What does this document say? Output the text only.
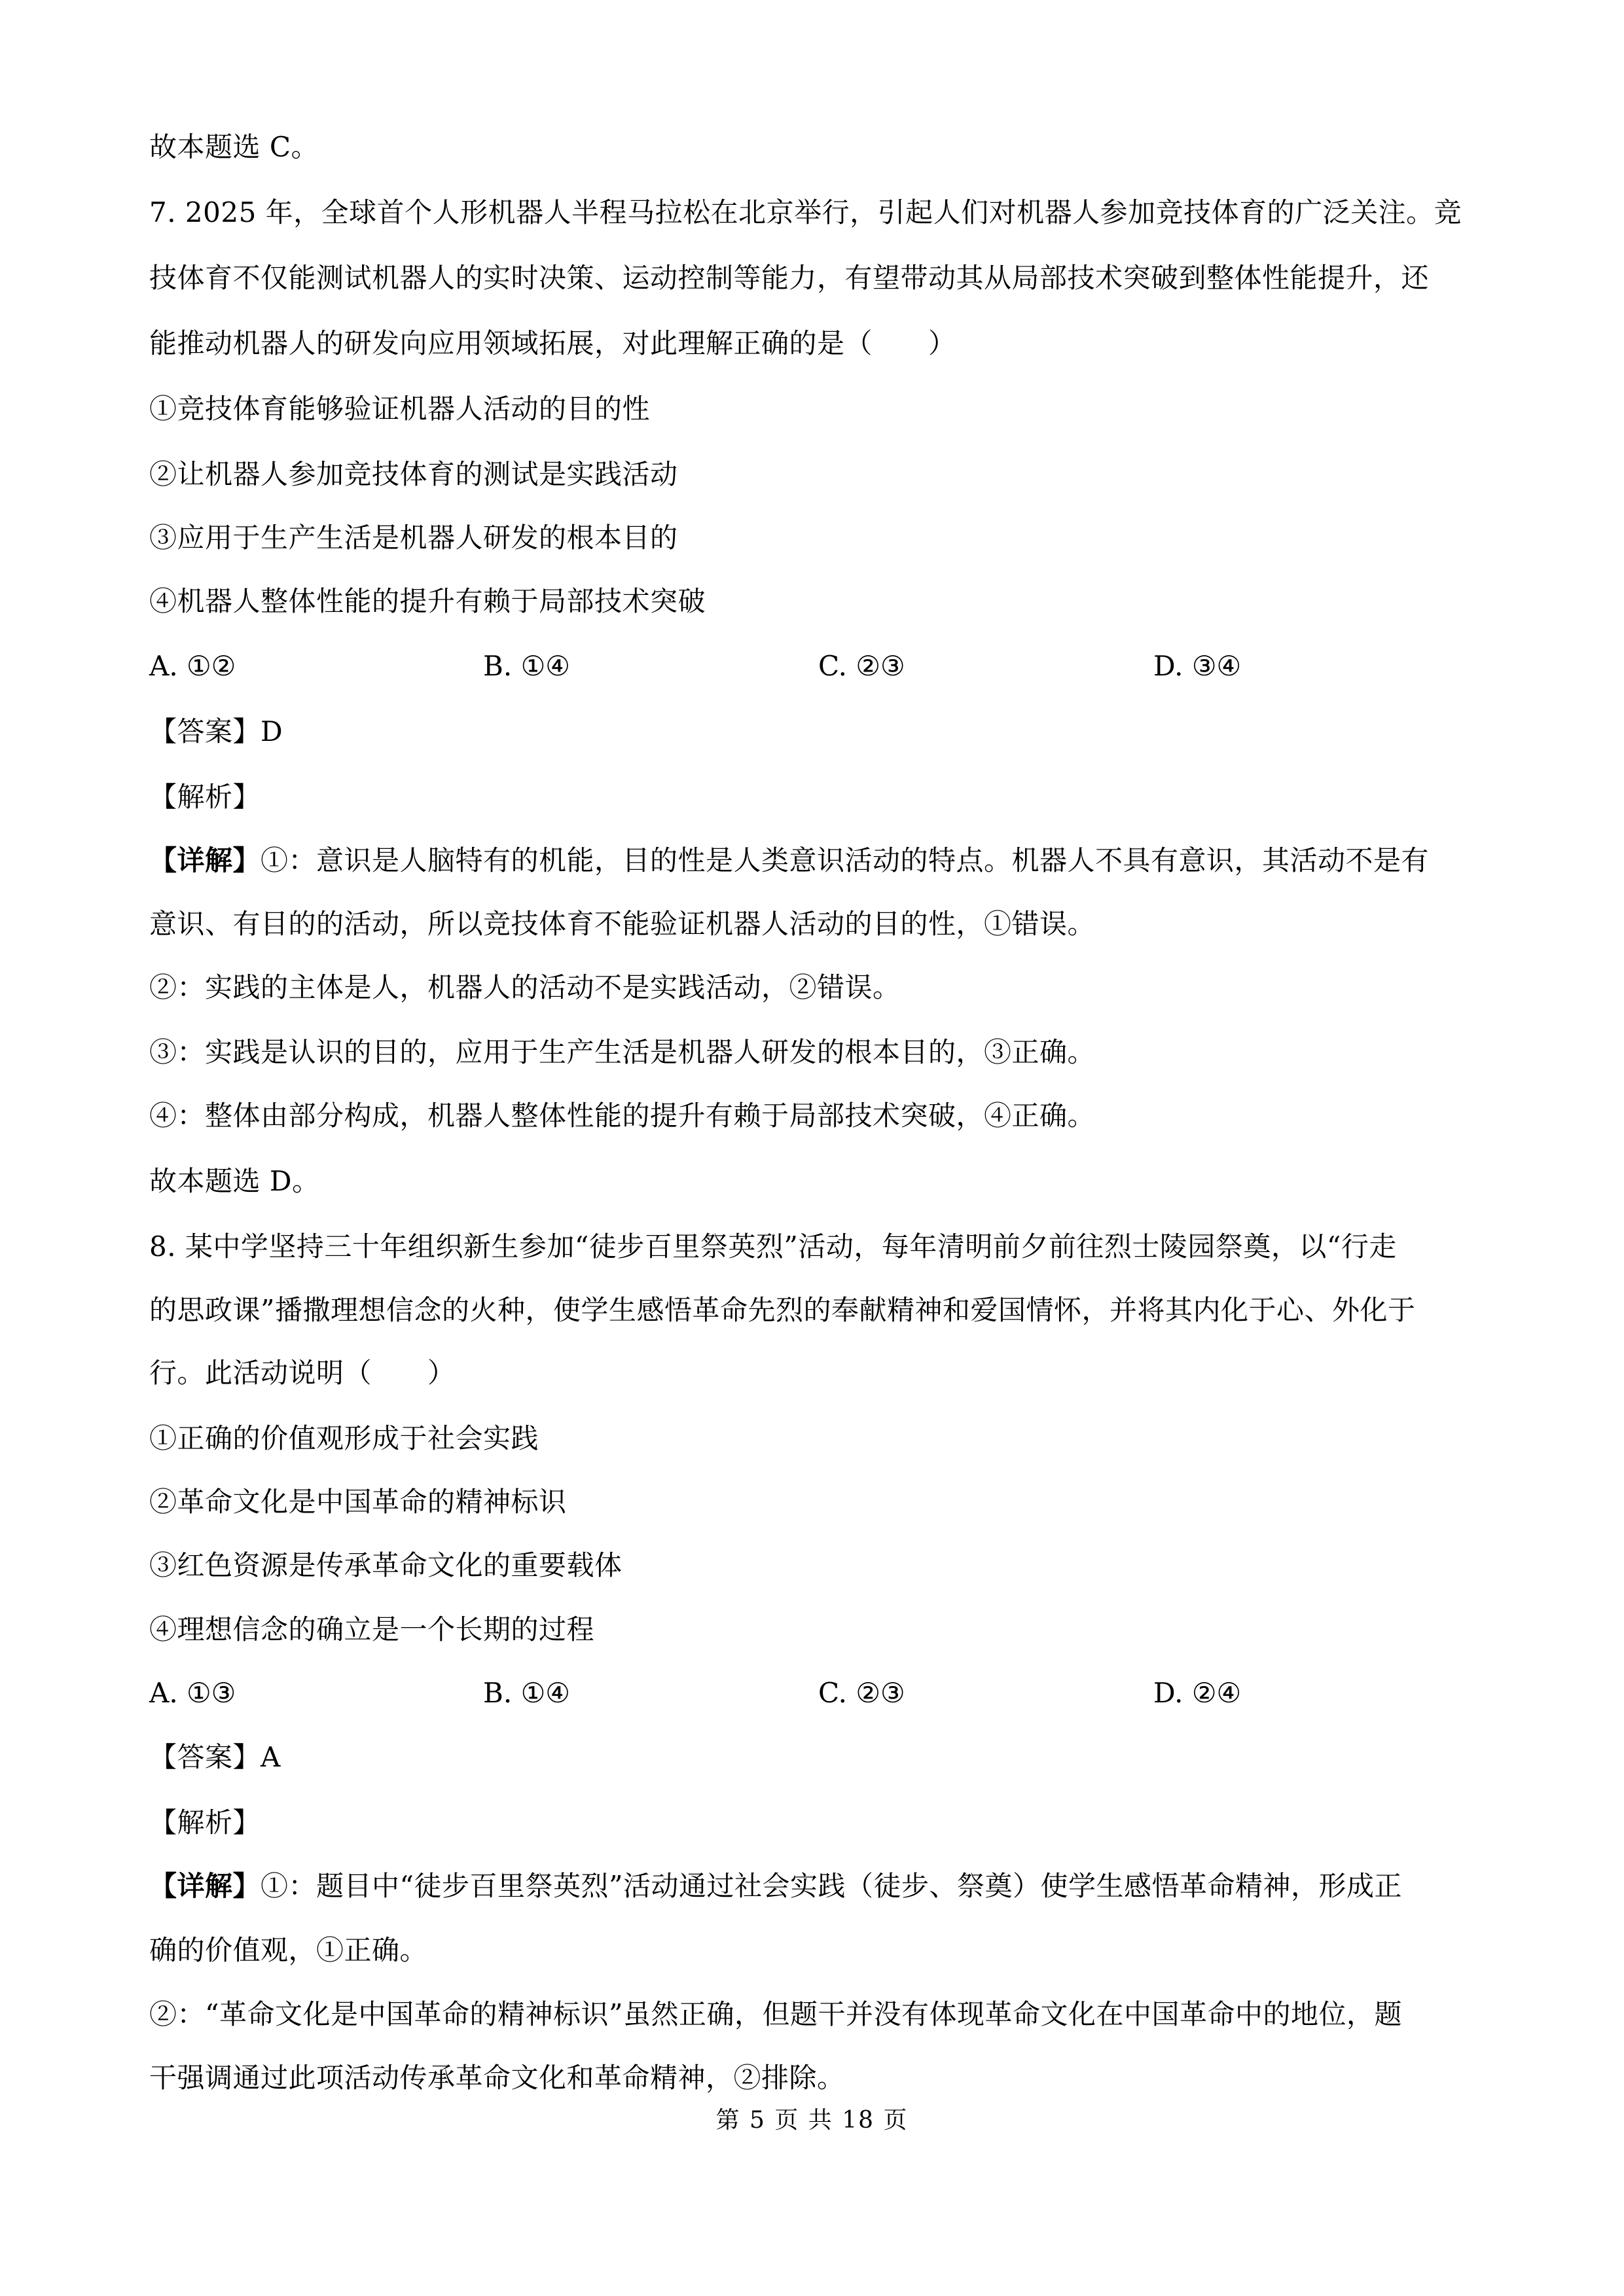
故本题选 C。
7. 2025 年，全球首个人形机器人半程马拉松在北京举行，引起人们对机器人参加竞技体育的广泛关注。竞
技体育不仅能测试机器人的实时决策、运动控制等能力，有望带动其从局部技术突破到整体性能提升，还
能推动机器人的研发向应用领域拓展，对此理解正确的是（　　）
①竞技体育能够验证机器人活动的目的性
②让机器人参加竞技体育的测试是实践活动
③应用于生产生活是机器人研发的根本目的
④机器人整体性能的提升有赖于局部技术突破
A. ①②	B. ①④	C. ②③	D. ③④
【答案】D
【解析】
【详解】①：意识是人脑特有的机能，目的性是人类意识活动的特点。机器人不具有意识，其活动不是有
意识、有目的的活动，所以竞技体育不能验证机器人活动的目的性，①错误。
②：实践的主体是人，机器人的活动不是实践活动，②错误。
③：实践是认识的目的，应用于生产生活是机器人研发的根本目的，③正确。
④：整体由部分构成，机器人整体性能的提升有赖于局部技术突破，④正确。
故本题选 D。
8. 某中学坚持三十年组织新生参加“徒步百里祭英烈”活动，每年清明前夕前往烈士陵园祭奠，以“行走
的思政课”播撒理想信念的火种，使学生感悟革命先烈的奉献精神和爱国情怀，并将其内化于心、外化于
行。此活动说明（　　）
①正确的价值观形成于社会实践
②革命文化是中国革命的精神标识
③红色资源是传承革命文化的重要载体
④理想信念的确立是一个长期的过程
A. ①③	B. ①④	C. ②③	D. ②④
【答案】A
【解析】
【详解】①：题目中“徒步百里祭英烈”活动通过社会实践（徒步、祭奠）使学生感悟革命精神，形成正
确的价值观，①正确。
②：“革命文化是中国革命的精神标识”虽然正确，但题干并没有体现革命文化在中国革命中的地位，题
干强调通过此项活动传承革命文化和革命精神，②排除。
第 5 页 共 18 页
